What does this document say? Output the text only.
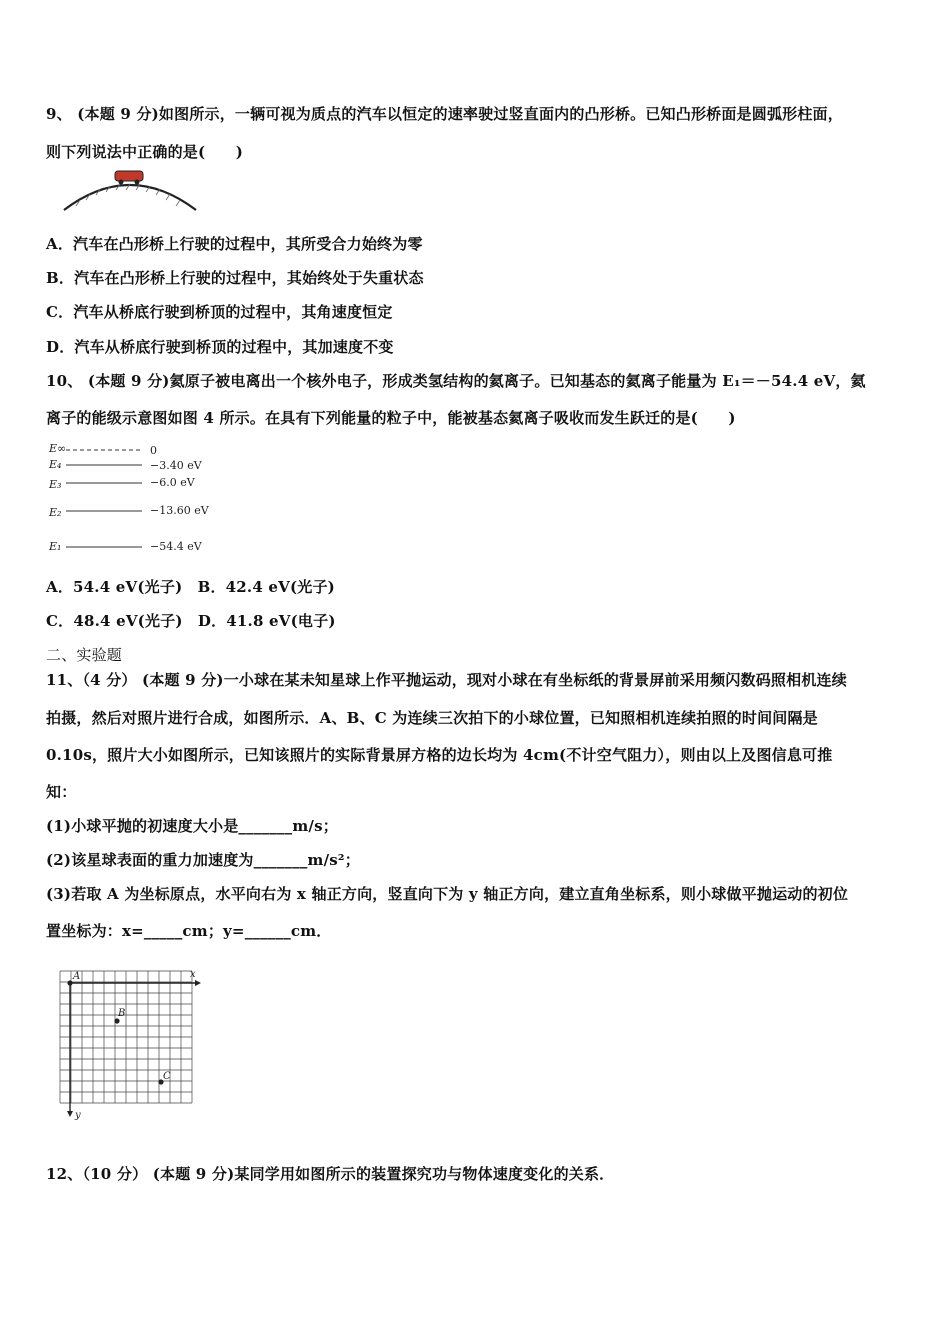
9、 (本题 9 分)如图所示，一辆可视为质点的汽车以恒定的速率驶过竖直面内的凸形桥。已知凸形桥面是圆弧形柱面，
则下列说法中正确的是(　　)
A．汽车在凸形桥上行驶的过程中，其所受合力始终为零
B．汽车在凸形桥上行驶的过程中，其始终处于失重状态
C．汽车从桥底行驶到桥顶的过程中，其角速度恒定
D．汽车从桥底行驶到桥顶的过程中，其加速度不变
10、 (本题 9 分)氦原子被电离出一个核外电子，形成类氢结构的氦离子。已知基态的氦离子能量为 E₁＝－54.4 eV，氦
离子的能级示意图如图 4 所示。在具有下列能量的粒子中，能被基态氦离子吸收而发生跃迁的是(　　)
E∞
E₄
E₃
E₂
E₁
0
−3.40 eV
−6.0 eV
−13.60 eV
−54.4 eV
A．54.4 eV(光子)　B．42.4 eV(光子)
C．48.4 eV(光子)　D．41.8 eV(电子)
二、实验题
11、（4 分） (本题 9 分)一小球在某未知星球上作平抛运动，现对小球在有坐标纸的背景屏前采用频闪数码照相机连续
拍摄，然后对照片进行合成，如图所示．A、B、C 为连续三次拍下的小球位置，已知照相机连续拍照的时间间隔是
0.10s，照片大小如图所示，已知该照片的实际背景屏方格的边长均为 4cm(不计空气阻力），则由以上及图信息可推
知：
(1)小球平抛的初速度大小是_______m/s；
(2)该星球表面的重力加速度为_______m/s²；
(3)若取 A 为坐标原点，水平向右为 x 轴正方向，竖直向下为 y 轴正方向，建立直角坐标系，则小球做平抛运动的初位
置坐标为：x=_____cm；y=______cm．
A
B
C
x
y
12、（10 分） (本题 9 分)某同学用如图所示的装置探究功与物体速度变化的关系．
